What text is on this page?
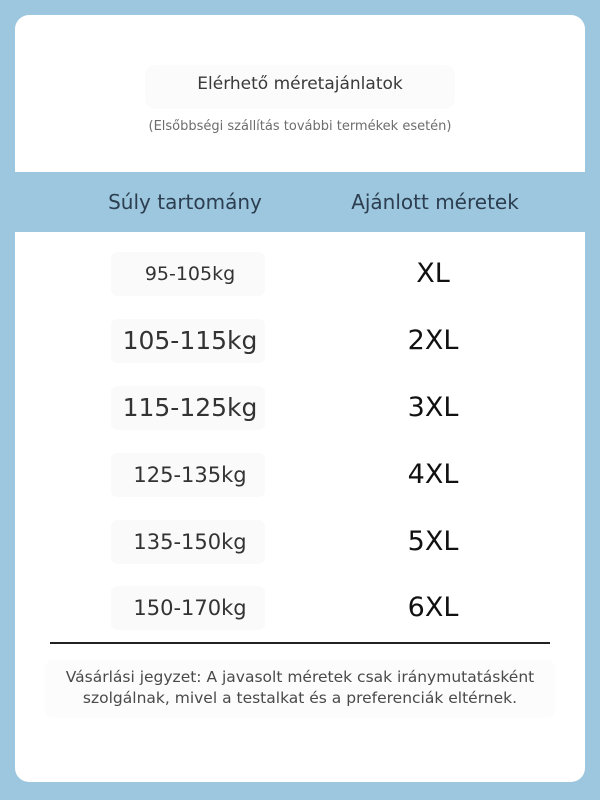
Elérhető méretajánlatok
(Elsőbbségi szállítás további termékek esetén)
Súly tartomány	Ajánlott méretek
95-105kg	XL
105-115kg	2XL
115-125kg	3XL
125-135kg	4XL
135-150kg	5XL
150-170kg	6XL
Vásárlási jegyzet: A javasolt méretek csak iránymutatásként
szolgálnak, mivel a testalkat és a preferenciák eltérnek.
